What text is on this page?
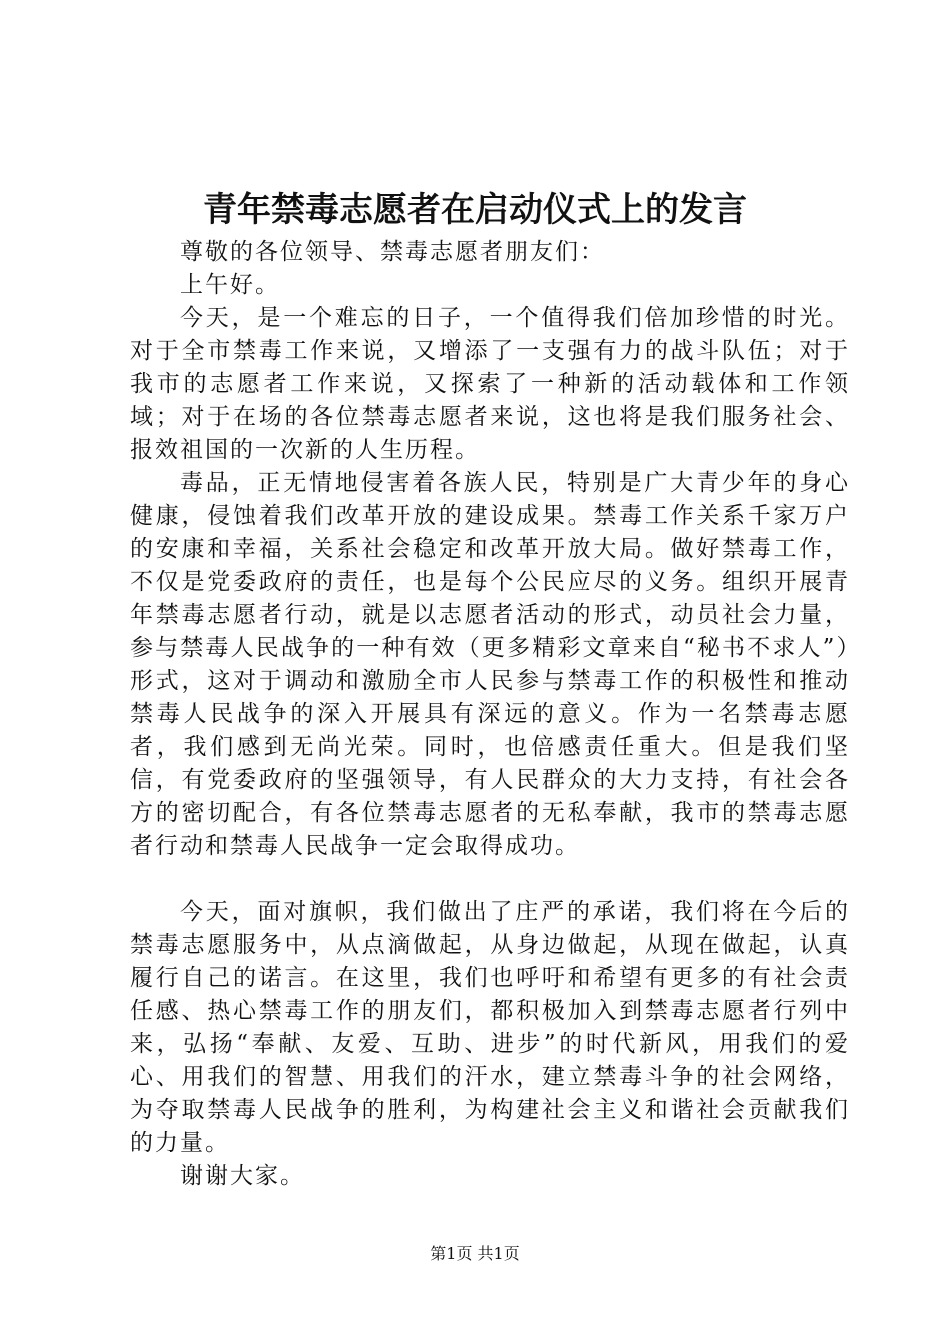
青年禁毒志愿者在启动仪式上的发言

尊敬的各位领导、禁毒志愿者朋友们：

上午好。

今天，是一个难忘的日子，一个值得我们倍加珍惜的时光。对于全市禁毒工作来说，又增添了一支强有力的战斗队伍；对于我市的志愿者工作来说，又探索了一种新的活动载体和工作领域；对于在场的各位禁毒志愿者来说，这也将是我们服务社会、报效祖国的一次新的人生历程。

毒品，正无情地侵害着各族人民，特别是广大青少年的身心健康，侵蚀着我们改革开放的建设成果。禁毒工作关系千家万户的安康和幸福，关系社会稳定和改革开放大局。做好禁毒工作，不仅是党委政府的责任，也是每个公民应尽的义务。组织开展青年禁毒志愿者行动，就是以志愿者活动的形式，动员社会力量，参与禁毒人民战争的一种有效（更多精彩文章来自“秘书不求人”）形式，这对于调动和激励全市人民参与禁毒工作的积极性和推动禁毒人民战争的深入开展具有深远的意义。作为一名禁毒志愿者，我们感到无尚光荣。同时，也倍感责任重大。但是我们坚信，有党委政府的坚强领导，有人民群众的大力支持，有社会各方的密切配合，有各位禁毒志愿者的无私奉献，我市的禁毒志愿者行动和禁毒人民战争一定会取得成功。

今天，面对旗帜，我们做出了庄严的承诺，我们将在今后的禁毒志愿服务中，从点滴做起，从身边做起，从现在做起，认真履行自己的诺言。在这里，我们也呼吁和希望有更多的有社会责任感、热心禁毒工作的朋友们，都积极加入到禁毒志愿者行列中来，弘扬“奉献、友爱、互助、进步”的时代新风，用我们的爱心、用我们的智慧、用我们的汗水，建立禁毒斗争的社会网络，为夺取禁毒人民战争的胜利，为构建社会主义和谐社会贡献我们的力量。

谢谢大家。

第1页 共1页
